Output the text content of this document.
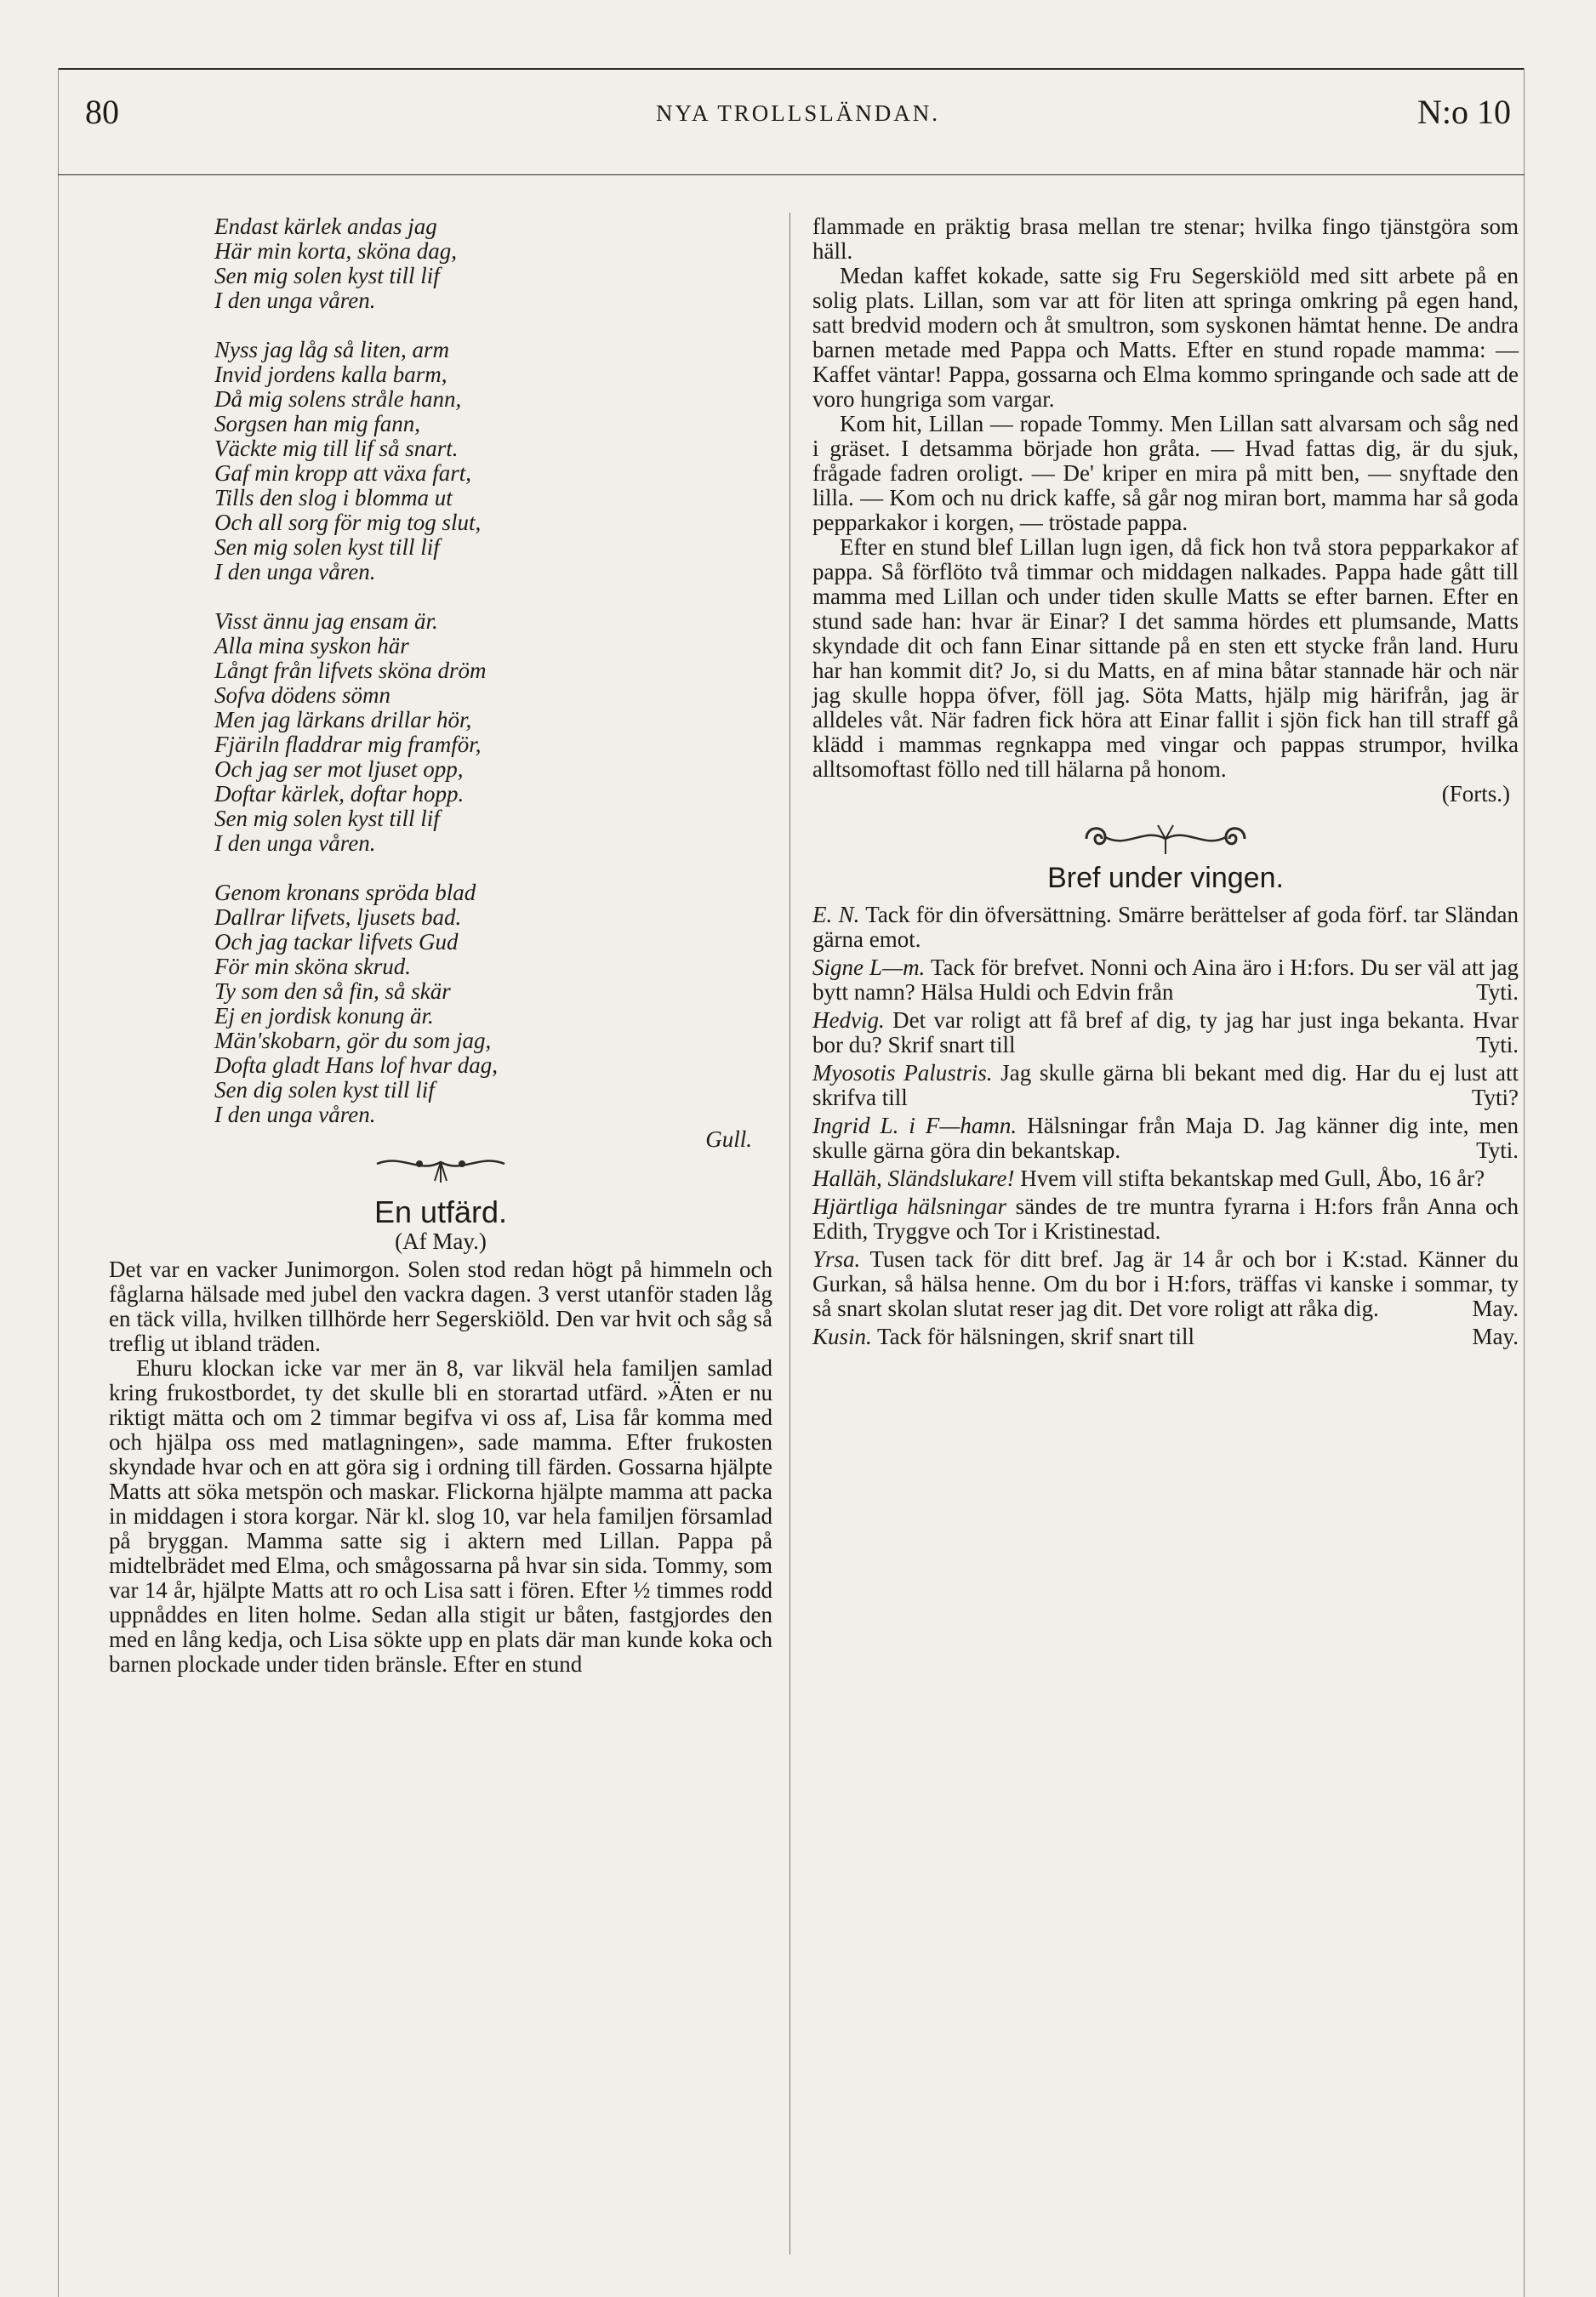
80	NYA TROLLSLÄNDAN.	N:o 10
Endast kärlek andas jag
Här min korta, sköna dag,
Sen mig solen kyst till lif
I den unga våren.
Nyss jag låg så liten, arm
Invid jordens kalla barm,
Då mig solens stråle hann,
Sorgsen han mig fann,
Väckte mig till lif så snart.
Gaf min kropp att växa fart,
Tills den slog i blomma ut
Och all sorg för mig tog slut,
Sen mig solen kyst till lif
I den unga våren.
Visst ännu jag ensam är.
Alla mina syskon här
Långt från lifvets sköna dröm
Sofva dödens sömn
Men jag lärkans drillar hör,
Fjäriln fladdrar mig framför,
Och jag ser mot ljuset opp,
Doftar kärlek, doftar hopp.
Sen mig solen kyst till lif
I den unga våren.
Genom kronans spröda blad
Dallrar lifvets, ljusets bad.
Och jag tackar lifvets Gud
För min sköna skrud.
Ty som den så fin, så skär
Ej en jordisk konung är.
Män'skobarn, gör du som jag,
Dofta gladt Hans lof hvar dag,
Sen dig solen kyst till lif
I den unga våren.
Gull.
En utfärd.
(Af May.)

Det var en vacker Junimorgon. Solen stod redan högt på himmeln och fåglarna hälsade med jubel den vackra dagen. 3 verst utanför staden låg en täck villa, hvilken tillhörde herr Segerskiöld. Den var hvit och såg så treflig ut ibland träden.

Ehuru klockan icke var mer än 8, var likväl hela familjen samlad kring frukostbordet, ty det skulle bli en storartad utfärd. »Äten er nu riktigt mätta och om 2 timmar begifva vi oss af, Lisa får komma med och hjälpa oss med matlagningen», sade mamma. Efter frukosten skyndade hvar och en att göra sig i ordning till färden. Gossarna hjälpte Matts att söka metspön och maskar. Flickorna hjälpte mamma att packa in middagen i stora korgar. När kl. slog 10, var hela familjen församlad på bryggan. Mamma satte sig i aktern med Lillan. Pappa på midtelbrädet med Elma, och smågossarna på hvar sin sida. Tommy, som var 14 år, hjälpte Matts att ro och Lisa satt i fören. Efter ½ timmes rodd uppnåddes en liten holme. Sedan alla stigit ur båten, fastgjordes den med en lång kedja, och Lisa sökte upp en plats där man kunde koka och barnen plockade under tiden bränsle. Efter en stund

flammade en präktig brasa mellan tre stenar; hvilka fingo tjänstgöra som häll.

Medan kaffet kokade, satte sig Fru Segerskiöld med sitt arbete på en solig plats. Lillan, som var att för liten att springa omkring på egen hand, satt bredvid modern och åt smultron, som syskonen hämtat henne. De andra barnen metade med Pappa och Matts. Efter en stund ropade mamma: — Kaffet väntar! Pappa, gossarna och Elma kommo springande och sade att de voro hungriga som vargar.

Kom hit, Lillan — ropade Tommy. Men Lillan satt alvarsam och såg ned i gräset. I detsamma började hon gråta. — Hvad fattas dig, är du sjuk, frågade fadren oroligt. — De' kriper en mira på mitt ben, — snyftade den lilla. — Kom och nu drick kaffe, så går nog miran bort, mamma har så goda pepparkakor i korgen, — tröstade pappa.

Efter en stund blef Lillan lugn igen, då fick hon två stora pepparkakor af pappa. Så förflöto två timmar och middagen nalkades. Pappa hade gått till mamma med Lillan och under tiden skulle Matts se efter barnen. Efter en stund sade han: hvar är Einar? I det samma hördes ett plumsande, Matts skyndade dit och fann Einar sittande på en sten ett stycke från land. Huru har han kommit dit? Jo, si du Matts, en af mina båtar stannade här och när jag skulle hoppa öfver, föll jag. Söta Matts, hjälp mig härifrån, jag är alldeles våt. När fadren fick höra att Einar fallit i sjön fick han till straff gå klädd i mammas regnkappa med vingar och pappas strumpor, hvilka alltsomoftast föllo ned till hälarna på honom.

(Forts.)
Bref under vingen.
E. N. Tack för din öfversättning. Smärre berättelser af goda förf. tar Sländan gärna emot.
Signe L—m. Tack för brefvet. Nonni och Aina äro i H:fors. Du ser väl att jag bytt namn? Hälsa Huldi och Edvin från	Tyti.
Hedvig. Det var roligt att få bref af dig, ty jag har just inga bekanta. Hvar bor du? Skrif snart till	Tyti.
Myosotis Palustris. Jag skulle gärna bli bekant med dig. Har du ej lust att skrifva till	Tyti?
Ingrid L. i F—hamn. Hälsningar från Maja D. Jag känner dig inte, men skulle gärna göra din bekantskap.	Tyti.
Halläh, Sländslukare! Hvem vill stifta bekantskap med Gull, Åbo, 16 år?
Hjärtliga hälsningar sändes de tre muntra fyrarna i H:fors från Anna och Edith, Tryggve och Tor i Kristinestad.
Yrsa. Tusen tack för ditt bref. Jag är 14 år och bor i K:stad. Känner du Gurkan, så hälsa henne. Om du bor i H:fors, träffas vi kanske i sommar, ty så snart skolan slutat reser jag dit. Det vore roligt att råka dig.	May.
Kusin. Tack för hälsningen, skrif snart till	May.
